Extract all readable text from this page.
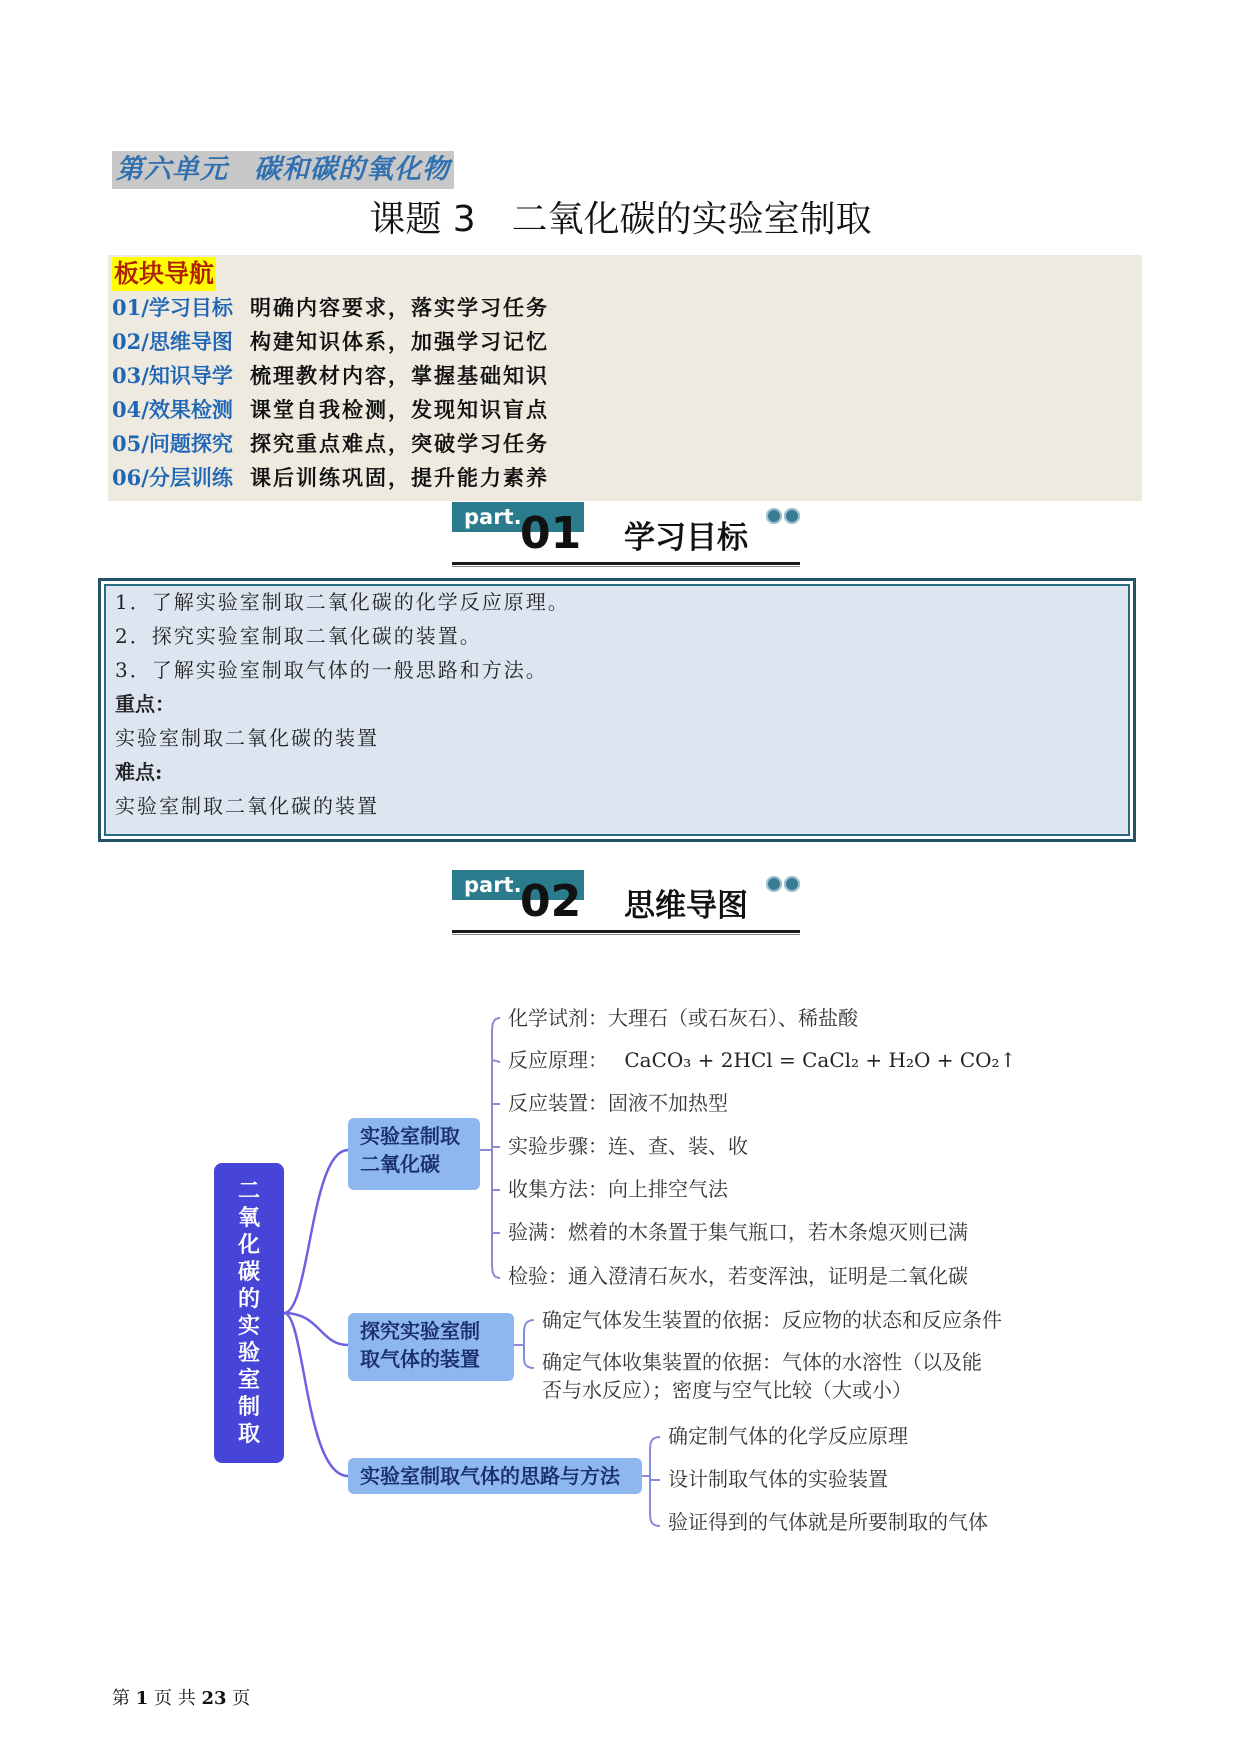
第六单元 碳和碳的氧化物
课题 3 二氧化碳的实验室制取
板块导航
01/学习目标 明确内容要求，落实学习任务
02/思维导图 构建知识体系，加强学习记忆
03/知识导学 梳理教材内容，掌握基础知识
04/效果检测 课堂自我检测，发现知识盲点
05/问题探究 探究重点难点，突破学习任务
06/分层训练 课后训练巩固，提升能力素养
part.
01 学习目标
1．了解实验室制取二氧化碳的化学反应原理。
2．探究实验室制取二氧化碳的装置。
3．了解实验室制取气体的一般思路和方法。
重点：
实验室制取二氧化碳的装置
难点:
实验室制取二氧化碳的装置
part.
02 思维导图
二
氧
化
碳
的
实
验
室
制
取
实验室制取
二氧化碳
化学试剂：大理石（或石灰石）、稀盐酸
反应原理： CaCO₃ + 2HCl = CaCl₂ + H₂O + CO₂↑
反应装置：固液不加热型
实验步骤：连、查、装、收
收集方法：向上排空气法
验满：燃着的木条置于集气瓶口，若木条熄灭则已满
检验：通入澄清石灰水，若变浑浊，证明是二氧化碳
探究实验室制
取气体的装置
确定气体发生装置的依据：反应物的状态和反应条件
确定气体收集装置的依据：气体的水溶性（以及能
否与水反应）；密度与空气比较（大或小）
实验室制取气体的思路与方法
确定制气体的化学反应原理
设计制取气体的实验装置
验证得到的气体就是所要制取的气体
第 1 页 共 23 页
